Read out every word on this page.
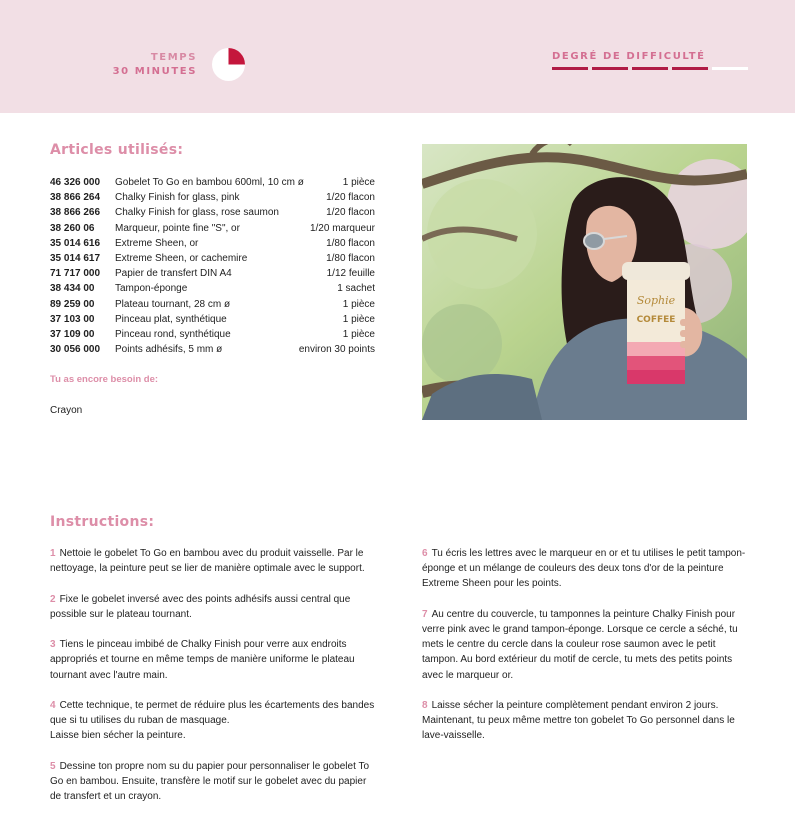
TEMPS
30 MINUTES
DEGRÉ DE DIFFICULTÉ
Articles utilisés:
46 326 000	Gobelet To Go en bambou 600ml, 10 cm ø	1 pièce
38 866 264	Chalky Finish for glass, pink	1/20 flacon
38 866 266	Chalky Finish for glass, rose saumon	1/20 flacon
38 260 06	Marqueur, pointe fine "S", or	1/20 marqueur
35 014 616	Extreme Sheen, or	1/80 flacon
35 014 617	Extreme Sheen, or cachemire	1/80 flacon
71 717 000	Papier de transfert DIN A4	1/12 feuille
38 434 00	Tampon-éponge	1 sachet
89 259 00	Plateau tournant, 28 cm ø	1 pièce
37 103 00	Pinceau plat, synthétique	1 pièce
37 109 00	Pinceau rond, synthétique	1 pièce
30 056 000	Points adhésifs, 5 mm ø	environ 30 points
Tu as encore besoin de:
Crayon
Sophie
COFFEE
Instructions:
1 Nettoie le gobelet To Go en bambou avec du produit vaisselle. Par le nettoyage, la peinture peut se lier de manière optimale avec le support.
2 Fixe le gobelet inversé avec des points adhésifs aussi central que possible sur le plateau tournant.
3 Tiens le pinceau imbibé de Chalky Finish pour verre aux endroits appropriés et tourne en même temps de manière uniforme le plateau tournant avec l'autre main.
4 Cette technique, te permet de réduire plus les écartements des bandes que si tu utilises du ruban de masquage.
Laisse bien sécher la peinture.
5 Dessine ton propre nom su du papier pour personnaliser le gobelet To Go en bambou. Ensuite, transfère le motif sur le gobelet avec du papier de transfert et un crayon.
6 Tu écris les lettres avec le marqueur en or et tu utilises le petit tampon-éponge et un mélange de couleurs des deux tons d'or de la peinture Extreme Sheen pour les points.
7 Au centre du couvercle, tu tamponnes la peinture Chalky Finish pour verre pink avec le grand tampon-éponge. Lorsque ce cercle a séché, tu mets le centre du cercle dans la couleur rose saumon avec le petit tampon. Au bord extérieur du motif de cercle, tu mets des petits points avec le marqueur or.
8 Laisse sécher la peinture complètement pendant environ 2 jours. Maintenant, tu peux même mettre ton gobelet To Go personnel dans le lave-vaisselle.
